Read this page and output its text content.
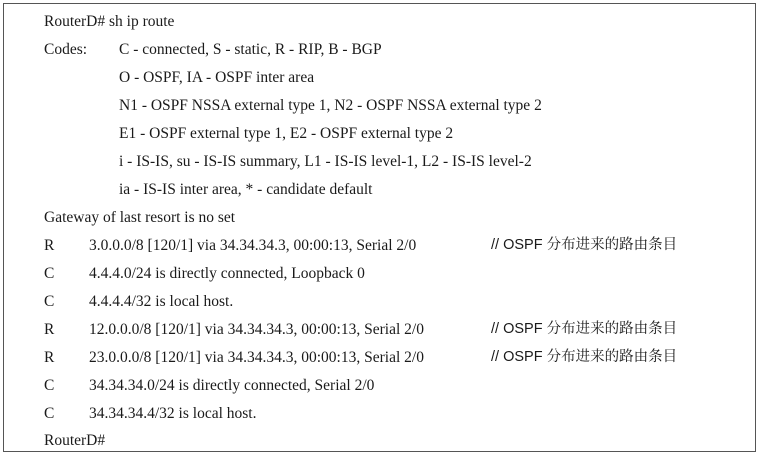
RouterD# sh ip route
Codes: C - connected, S - static, R - RIP, B - BGP
O - OSPF, IA - OSPF inter area
N1 - OSPF NSSA external type 1, N2 - OSPF NSSA external type 2
E1 - OSPF external type 1, E2 - OSPF external type 2
i - IS-IS, su - IS-IS summary, L1 - IS-IS level-1, L2 - IS-IS level-2
ia - IS-IS inter area, * - candidate default
Gateway of last resort is no set
R 3.0.0.0/8 [120/1] via 34.34.34.3, 00:00:13, Serial 2/0	// OSPF 分布进来的路由条目
C 4.4.4.0/24 is directly connected, Loopback 0
C 4.4.4.4/32 is local host.
R 12.0.0.0/8 [120/1] via 34.34.34.3, 00:00:13, Serial 2/0	// OSPF 分布进来的路由条目
R 23.0.0.0/8 [120/1] via 34.34.34.3, 00:00:13, Serial 2/0	// OSPF 分布进来的路由条目
C 34.34.34.0/24 is directly connected, Serial 2/0
C 34.34.34.4/32 is local host.
RouterD#
